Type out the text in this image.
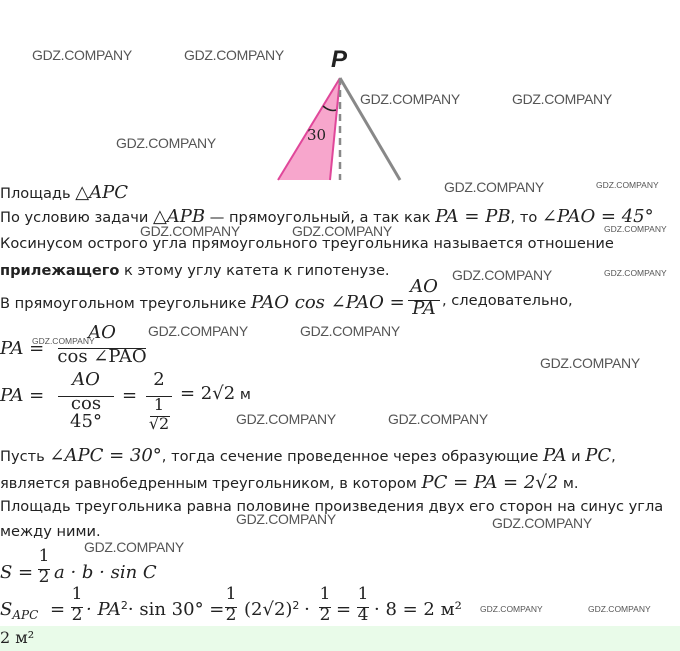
P
30
Площадь △APC
По условию задачи △APB — прямоугольный, а так как PA = PB, то ∠PAO = 45°
Косинусом острого угла прямоугольного треугольника называется отношение
прилежащего к этому углу катета к гипотенузе.
В прямоугольном треугольнике PAO cos ∠PAO =
AO
PA , следовательно,
PA =
AO
cos ∠PAO
PA =
AO
cos 45°
=
2
1
√2
= 2√2 м
Пусть ∠APC = 30°, тогда сечение проведенное через образующие PA и PC,
является равнобедренным треугольником, в котором PC = PA = 2√2 м.
Площадь треугольника равна половине произведения двух его сторон на синус угла
между ними.
S =
1
2 a · b · sin C
$S_{APC}$ =
1
$2 \cdot PA^2\cdot \sin 30^\circ$ =
1
2 $(2√2)^2$ ·
1
2 =
1
4 · 8 = 2 м²
2 м²
GDZ.COMPANY	GDZ.COMPANY
GDZ.COMPANY	GDZ.COMPANY
GDZ.COMPANY
GDZ.COMPANY	GDZ.COMPANY
GDZ.COMPANY	GDZ.COMPANY	GDZ.COMPANY
GDZ.COMPANY	GDZ.COMPANY
GDZ.COMPANY
GDZ.COMPANY	GDZ.COMPANY
GDZ.COMPANY
GDZ.COMPANY	GDZ.COMPANY
GDZ.COMPANY	GDZ.COMPANY
GDZ.COMPANY
GDZ.COMPANY	GDZ.COMPANY
